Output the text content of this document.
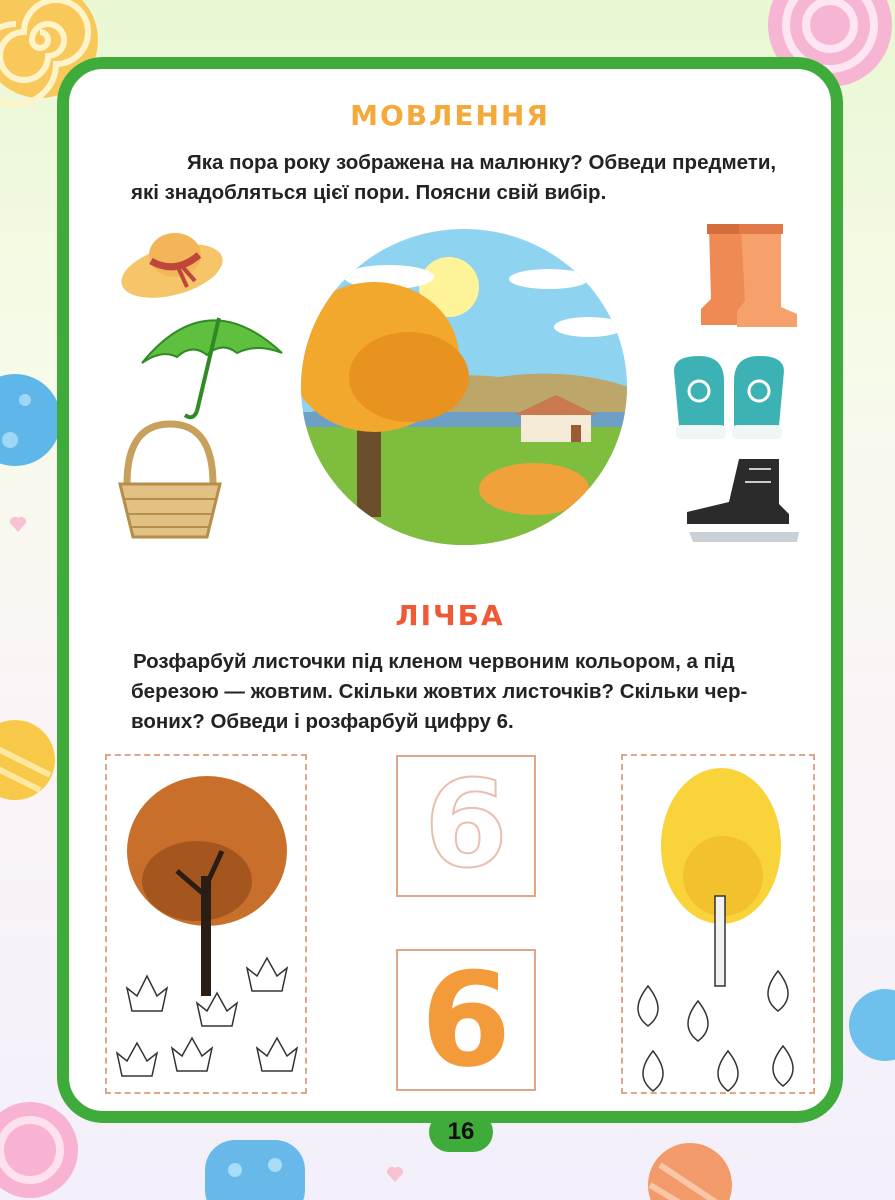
МОВЛЕННЯ
Яка пора року зображена на малюнку? Обведи предмети,
які знадобляться цієї пори. Поясни свій вибір.
ЛІЧБА
Розфарбуй листочки під кленом червоним кольором, а під
березою — жовтим. Скільки жовтих листочків? Скільки чер-
воних? Обведи і розфарбуй цифру 6.
6
6
16
